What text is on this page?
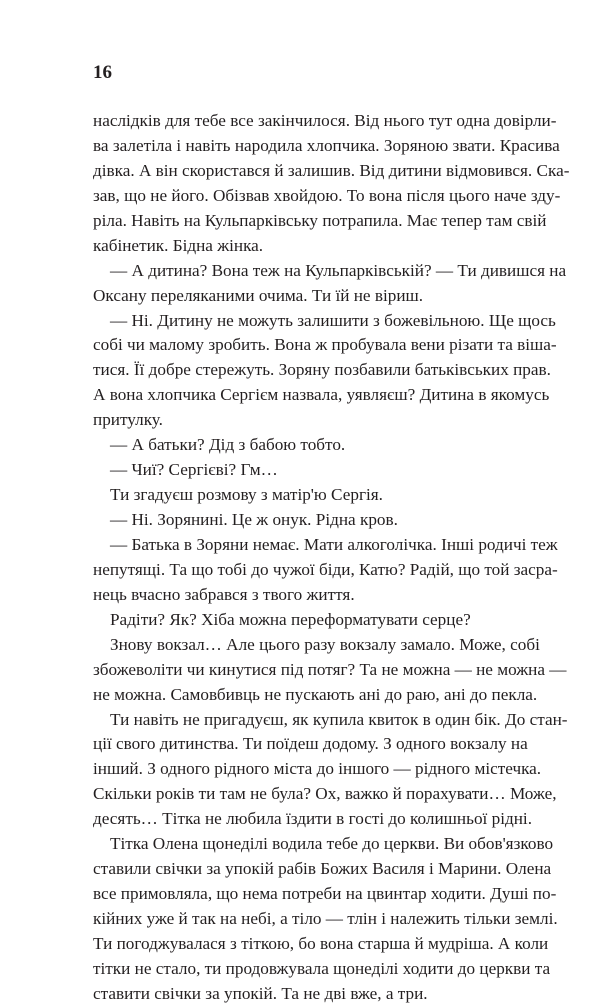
16
наслідків для тебе все закінчилося. Від нього тут одна довірли-
ва залетіла і навіть народила хлопчика. Зоряною звати. Красива
дівка. А він скористався й залишив. Від дитини відмовився. Ска-
зав, що не його. Обізвав хвойдою. То вона після цього наче зду-
ріла. Навіть на Кульпарківську потрапила. Має тепер там свій
кабінетик. Бідна жінка.
— А дитина? Вона теж на Кульпарківській? — Ти дивишся на
Оксану переляканими очима. Ти їй не віриш.
— Ні. Дитину не можуть залишити з божевільною. Ще щось
собі чи малому зробить. Вона ж пробувала вени різати та віша-
тися. Її добре стережуть. Зоряну позбавили батьківських прав.
А вона хлопчика Сергієм назвала, уявляєш? Дитина в якомусь
притулку.
— А батьки? Дід з бабою тобто.
— Чиї? Сергієві? Гм…
Ти згадуєш розмову з матір'ю Сергія.
— Ні. Зорянині. Це ж онук. Рідна кров.
— Батька в Зоряни немає. Мати алкоголічка. Інші родичі теж
непутящі. Та що тобі до чужої біди, Катю? Радій, що той засра-
нець вчасно забрався з твого життя.
Радіти? Як? Хіба можна переформатувати серце?
Знову вокзал… Але цього разу вокзалу замало. Може, собі
збожеволіти чи кинутися під потяг? Та не можна — не можна —
не можна. Самовбивць не пускають ані до раю, ані до пекла.
Ти навіть не пригадуєш, як купила квиток в один бік. До стан-
ції свого дитинства. Ти поїдеш додому. З одного вокзалу на
інший. З одного рідного міста до іншого — рідного містечка.
Скільки років ти там не була? Ох, важко й порахувати… Може,
десять… Тітка не любила їздити в гості до колишньої рідні.
Тітка Олена щонеділі водила тебе до церкви. Ви обов'язково
ставили свічки за упокій рабів Божих Василя і Марини. Олена
все примовляла, що нема потреби на цвинтар ходити. Душі по-
кійних уже й так на небі, а тіло — тлін і належить тільки землі.
Ти погоджувалася з тіткою, бо вона старша й мудріша. А коли
тітки не стало, ти продовжувала щонеділі ходити до церкви та
ставити свічки за упокій. Та не дві вже, а три.
